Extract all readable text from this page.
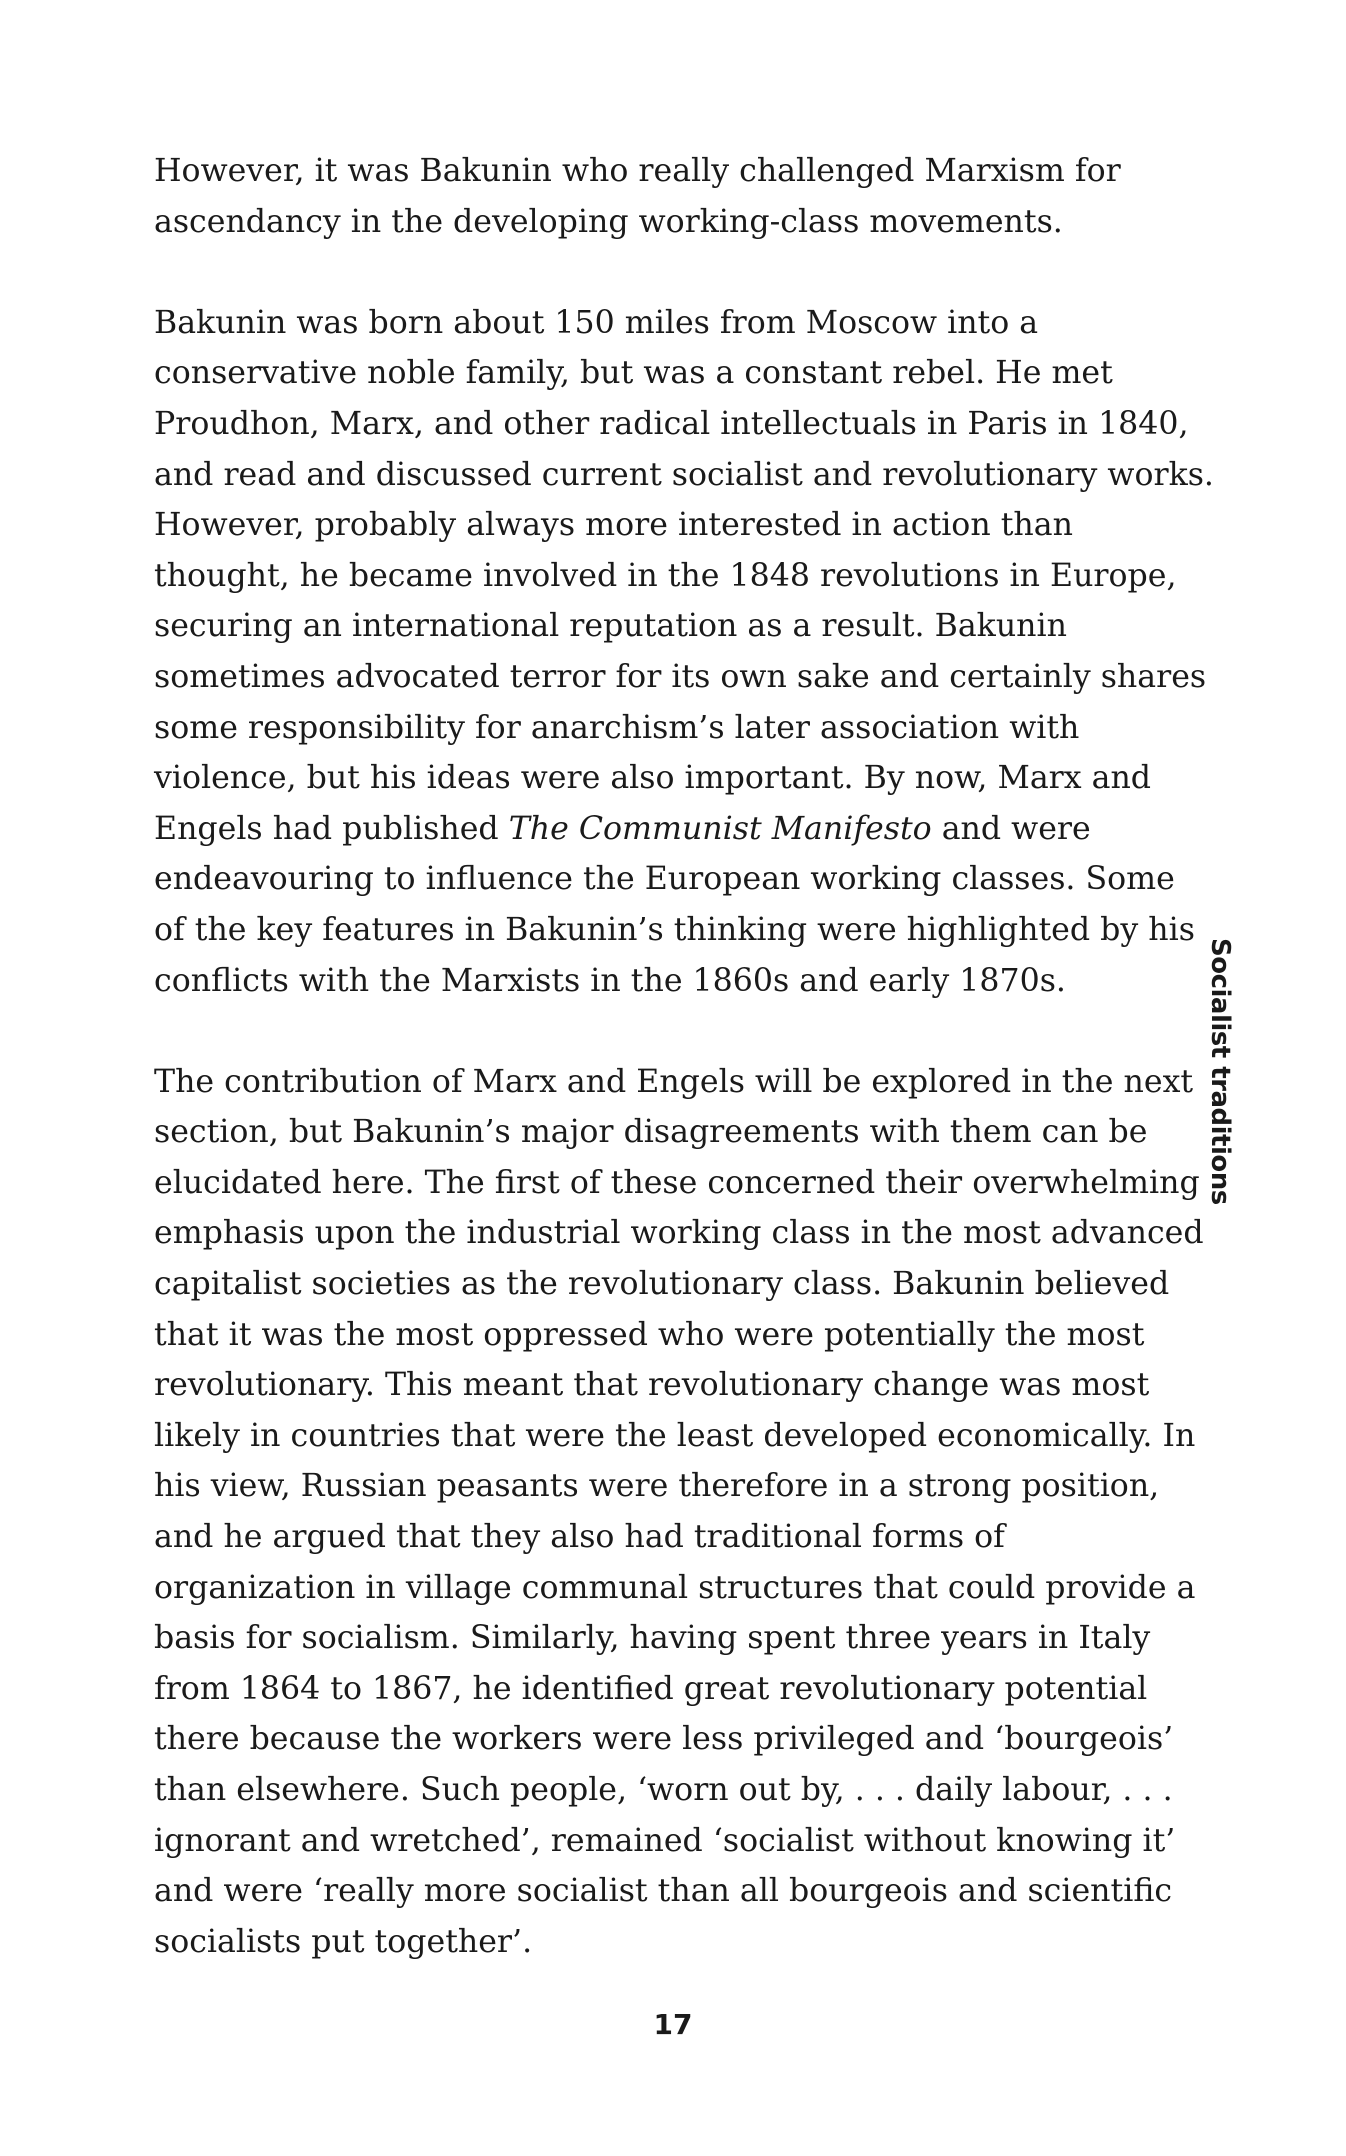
However, it was Bakunin who really challenged Marxism for ascendancy in the developing working-class movements.

Bakunin was born about 150 miles from Moscow into a conservative noble family, but was a constant rebel. He met Proudhon, Marx, and other radical intellectuals in Paris in 1840, and read and discussed current socialist and revolutionary works. However, probably always more interested in action than thought, he became involved in the 1848 revolutions in Europe, securing an international reputation as a result. Bakunin sometimes advocated terror for its own sake and certainly shares some responsibility for anarchism’s later association with violence, but his ideas were also important. By now, Marx and Engels had published The Communist Manifesto and were endeavouring to influence the European working classes. Some of the key features in Bakunin’s thinking were highlighted by his conflicts with the Marxists in the 1860s and early 1870s.

The contribution of Marx and Engels will be explored in the next section, but Bakunin’s major disagreements with them can be elucidated here. The first of these concerned their overwhelming emphasis upon the industrial working class in the most advanced capitalist societies as the revolutionary class. Bakunin believed that it was the most oppressed who were potentially the most revolutionary. This meant that revolutionary change was most likely in countries that were the least developed economically. In his view, Russian peasants were therefore in a strong position, and he argued that they also had traditional forms of organization in village communal structures that could provide a basis for socialism. Similarly, having spent three years in Italy from 1864 to 1867, he identified great revolutionary potential there because the workers were less privileged and ‘bourgeois’ than elsewhere. Such people, ‘worn out by, . . . daily labour, . . . ignorant and wretched’, remained ‘socialist without knowing it’ and were ‘really more socialist than all bourgeois and scientific socialists put together’.

Socialist traditions
17
